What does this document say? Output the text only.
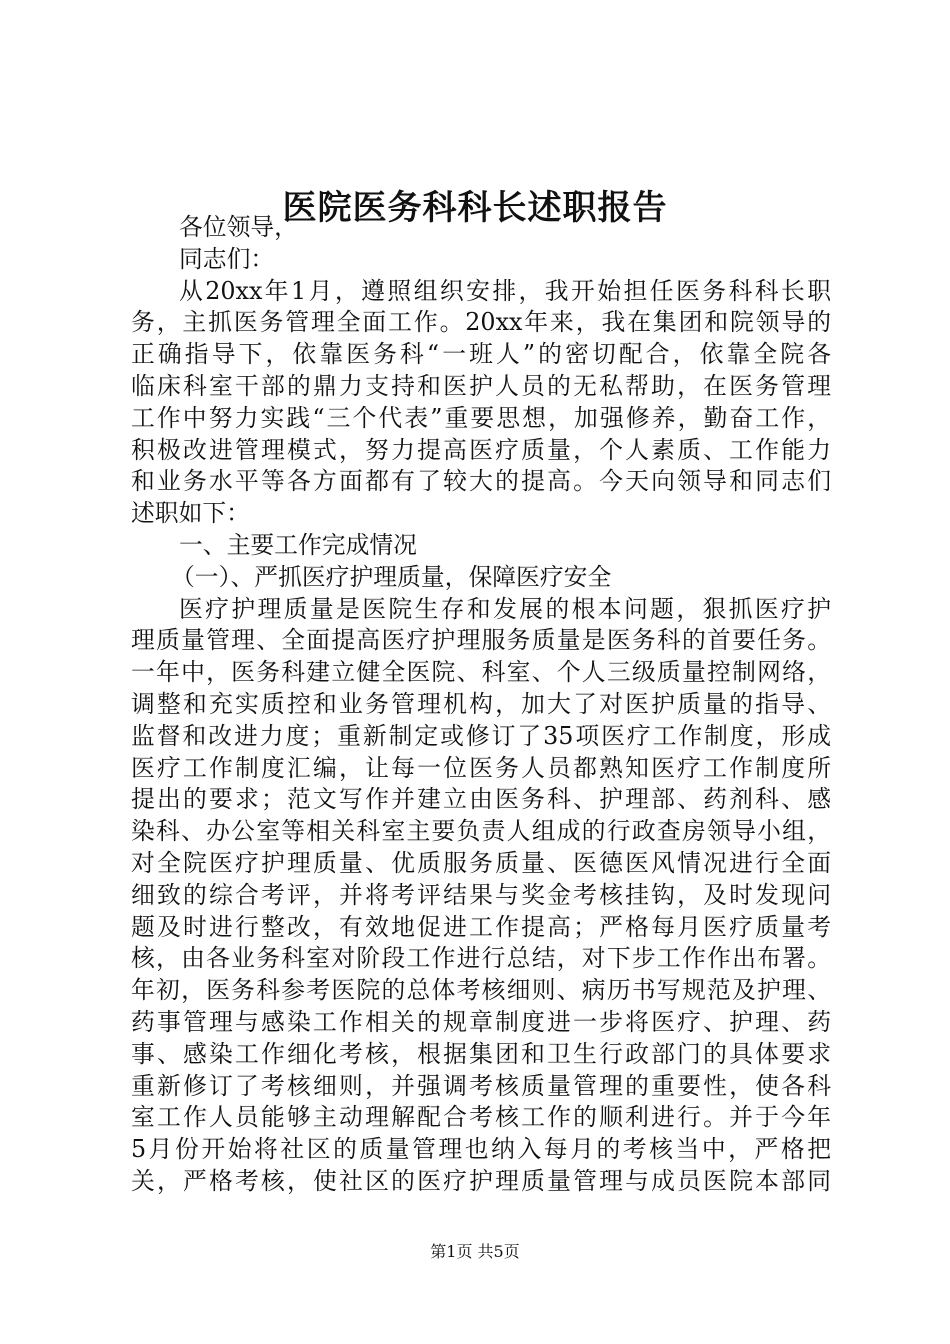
医院医务科科长述职报告
各位领导，
同志们：
从20xx年1月，遵照组织安排，我开始担任医务科科长职
务，主抓医务管理全面工作。20xx年来，我在集团和院领导的
正确指导下，依靠医务科“一班人”的密切配合，依靠全院各
临床科室干部的鼎力支持和医护人员的无私帮助，在医务管理
工作中努力实践“三个代表”重要思想，加强修养，勤奋工作，
积极改进管理模式，努力提高医疗质量，个人素质、工作能力
和业务水平等各方面都有了较大的提高。今天向领导和同志们
述职如下：
一、主要工作完成情况
（一）、严抓医疗护理质量，保障医疗安全
医疗护理质量是医院生存和发展的根本问题，狠抓医疗护
理质量管理、全面提高医疗护理服务质量是医务科的首要任务。
一年中，医务科建立健全医院、科室、个人三级质量控制网络，
调整和充实质控和业务管理机构，加大了对医护质量的指导、
监督和改进力度；重新制定或修订了35项医疗工作制度，形成
医疗工作制度汇编，让每一位医务人员都熟知医疗工作制度所
提出的要求；范文写作并建立由医务科、护理部、药剂科、感
染科、办公室等相关科室主要负责人组成的行政查房领导小组，
对全院医疗护理质量、优质服务质量、医德医风情况进行全面
细致的综合考评，并将考评结果与奖金考核挂钩，及时发现问
题及时进行整改，有效地促进工作提高；严格每月医疗质量考
核，由各业务科室对阶段工作进行总结，对下步工作作出布署。
年初，医务科参考医院的总体考核细则、病历书写规范及护理、
药事管理与感染工作相关的规章制度进一步将医疗、护理、药
事、感染工作细化考核，根据集团和卫生行政部门的具体要求
重新修订了考核细则，并强调考核质量管理的重要性，使各科
室工作人员能够主动理解配合考核工作的顺利进行。并于今年
5月份开始将社区的质量管理也纳入每月的考核当中，严格把
关，严格考核，使社区的医疗护理质量管理与成员医院本部同
第1页 共5页
